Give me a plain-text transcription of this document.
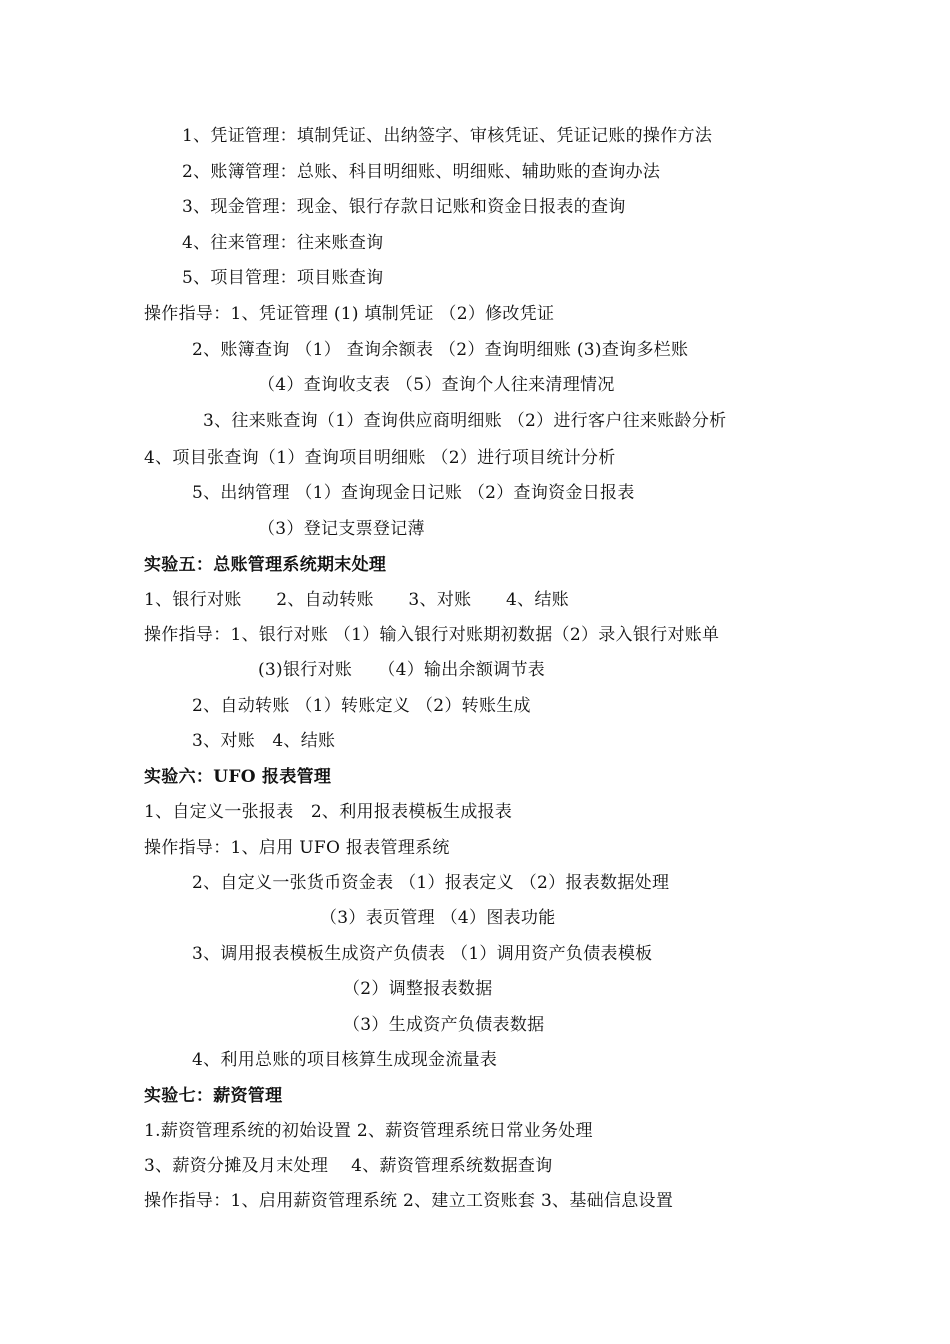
1、凭证管理：填制凭证、出纳签字、审核凭证、凭证记账的操作方法
2、账簿管理：总账、科目明细账、明细账、辅助账的查询办法
3、现金管理：现金、银行存款日记账和资金日报表的查询
4、往来管理：往来账查询
5、项目管理：项目账查询
操作指导：1、凭证管理 (1) 填制凭证 （2）修改凭证
2、账簿查询 （1） 查询余额表 （2）查询明细账 (3)查询多栏账
（4）查询收支表 （5）查询个人往来清理情况
3、往来账查询（1）查询供应商明细账 （2）进行客户往来账龄分析
4、项目张查询（1）查询项目明细账 （2）进行项目统计分析
5、出纳管理 （1）查询现金日记账 （2）查询资金日报表
（3）登记支票登记薄
实验五：总账管理系统期末处理
1、银行对账　　2、自动转账　　3、对账　　4、结账
操作指导：1、银行对账 （1）输入银行对账期初数据（2）录入银行对账单
(3)银行对账　　（4）输出余额调节表
2、自动转账 （1）转账定义 （2）转账生成
3、对账　4、结账
实验六：UFO 报表管理
1、自定义一张报表　2、利用报表模板生成报表
操作指导：1、启用 UFO 报表管理系统
2、自定义一张货币资金表 （1）报表定义 （2）报表数据处理
（3）表页管理 （4）图表功能
3、调用报表模板生成资产负债表 （1）调用资产负债表模板
（2）调整报表数据
（3）生成资产负债表数据
4、利用总账的项目核算生成现金流量表
实验七：薪资管理
1.薪资管理系统的初始设置 2、薪资管理系统日常业务处理
3、薪资分摊及月末处理　 4、薪资管理系统数据查询
操作指导：1、启用薪资管理系统 2、建立工资账套 3、基础信息设置
